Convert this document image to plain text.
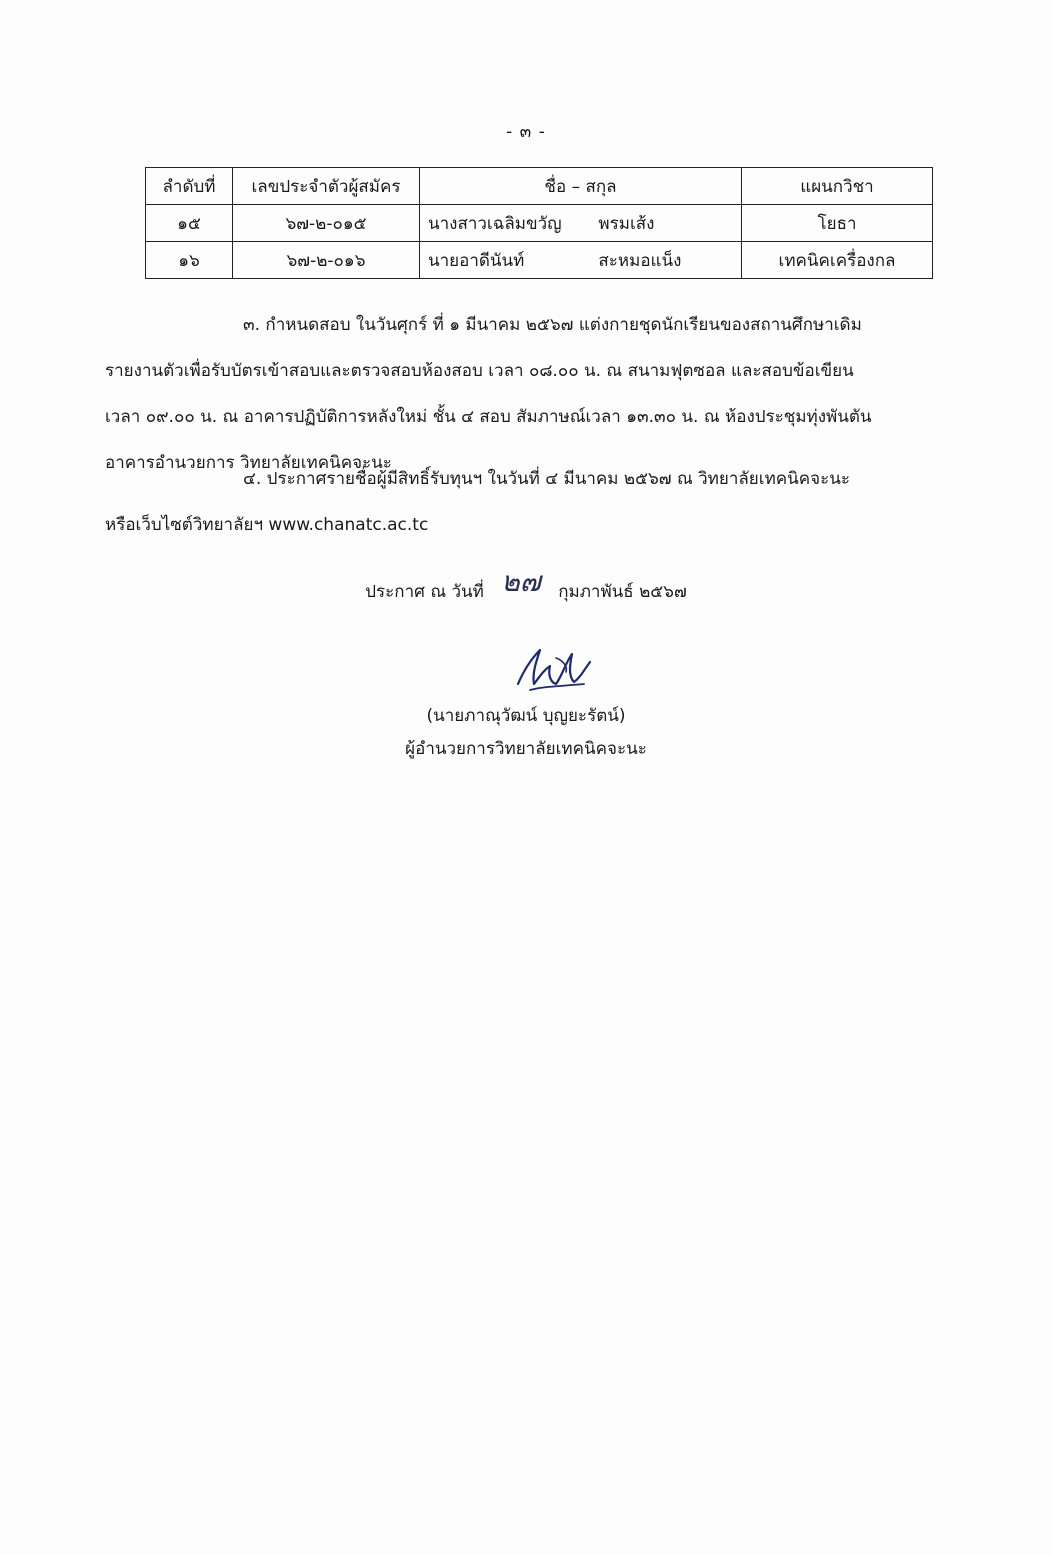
- ๓ -
ลำดับที่	เลขประจำตัวผู้สมัคร	ชื่อ – สกุล	แผนกวิชา
๑๕	๖๗-๒-๐๑๕	นางสาวเฉลิมขวัญ พรมเส้ง	โยธา
๑๖	๖๗-๒-๐๑๖	นายอาดีนันท์ สะหมอแน็ง	เทคนิคเครื่องกล
๓. กำหนดสอบ ในวันศุกร์ ที่ ๑ มีนาคม ๒๕๖๗ แต่งกายชุดนักเรียนของสถานศึกษาเดิม
รายงานตัวเพื่อรับบัตรเข้าสอบและตรวจสอบห้องสอบ เวลา ๐๘.๐๐ น. ณ สนามฟุตซอล และสอบข้อเขียน
เวลา ๐๙.๐๐ น. ณ อาคารปฏิบัติการหลังใหม่ ชั้น ๔ สอบ สัมภาษณ์เวลา ๑๓.๓๐ น. ณ ห้องประชุมทุ่งพันตัน
อาคารอำนวยการ วิทยาลัยเทคนิคจะนะ
๔. ประกาศรายชื่อผู้มีสิทธิ์รับทุนฯ ในวันที่ ๔ มีนาคม ๒๕๖๗ ณ วิทยาลัยเทคนิคจะนะ
หรือเว็บไซต์วิทยาลัยฯ www.chanatc.ac.tc
ประกาศ ณ วันที่ ๒๗ กุมภาพันธ์ ๒๕๖๗
(นายภาณุวัฒน์ บุญยะรัตน์)
ผู้อำนวยการวิทยาลัยเทคนิคจะนะ
